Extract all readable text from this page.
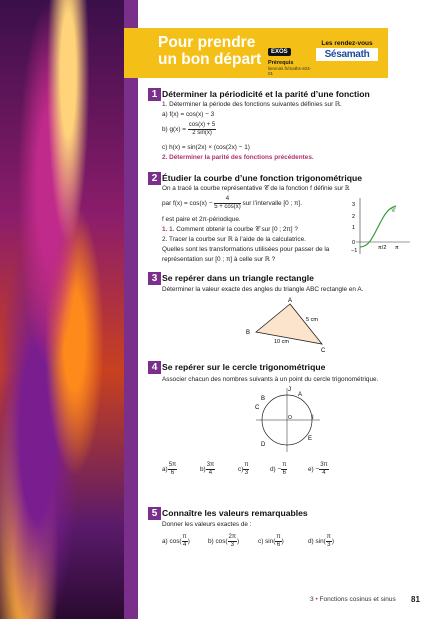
Pour prendre
un bon départ	EXOS
Prérequis
lienmini.fr/maths-s03-01
Les rendez-vous
Sésamath
1 Déterminer la périodicité et la parité d’une fonction
1. Déterminer la période des fonctions suivantes définies sur ℝ.
a) f(x) = cos(x) − 3
b) $g(x) = \frac{\cos(x) + 5}{2 \sin(x)}$
c) h(x) = sin(2x) × (cos(2x) − 1)
2. Déterminer la parité des fonctions précédentes.
2 Étudier la courbe d’une fonction trigonométrique
On a tracé la courbe représentative 𝒞 de la fonction f définie sur ℝ
par $f(x) = \cos(x) - \frac{4}{5 + \cos(x)}$ sur l’intervalle [0 ; π].
f est paire et 2π-périodique.
1. 1. Comment obtenir la courbe 𝒞 sur [0 ; 2π] ?
2. Tracer la courbe sur ℝ à l’aide de la calculatrice.
Quelles sont les transformations utilisées pour passer de la
représentation sur [0 ; π] à celle sur ℝ ?
3
2
1
0
−1	π/2 π
𝒞
3 Se repérer dans un triangle rectangle
Déterminer la valeur exacte des angles du triangle ABC rectangle en A.
A
B
C
5 cm
10 cm
4 Se repérer sur le cercle trigonométrique
Associer chacun des nombres suivants à un point du cercle trigonométrique.
J
I
A
B
C
D
E
O
$a) \frac{5\pi}{6}$	$b) \frac{3\pi}{4}$	$c) \frac{\pi}{3}$	$d) - \frac{\pi}{6}$	$e) - \frac{3\pi}{4}$
5 Connaître les valeurs remarquables
Donner les valeurs exactes de :
a) $\cos( \frac{\pi}{4}$ )	b) $\cos( \frac{2\pi}{3}$ )	c) $\sin( \frac{\pi}{6}$ )	d) $\sin( \frac{\pi}{3}$ )
3 • Fonctions cosinus et sinus 81
